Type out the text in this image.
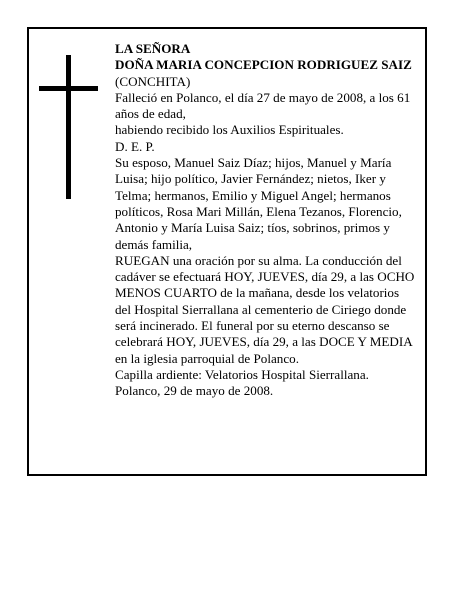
LA SEÑORA

DOÑA MARIA CONCEPCION RODRIGUEZ SAIZ

(CONCHITA)

Falleció en Polanco, el día 27 de mayo de 2008, a los 61 años de edad,

habiendo recibido los Auxilios Espirituales.

D. E. P.

Su esposo, Manuel Saiz Díaz; hijos, Manuel y María Luisa; hijo político, Javier Fernández; nietos, Iker y Telma; hermanos, Emilio y Miguel Angel; hermanos políticos, Rosa Mari Millán, Elena Tezanos, Florencio, Antonio y María Luisa Saiz; tíos, sobrinos, primos y demás familia,

RUEGAN una oración por su alma. La conducción del cadáver se efectuará HOY, JUEVES, día 29, a las OCHO MENOS CUARTO de la mañana, desde los velatorios del Hospital Sierrallana al cementerio de Ciriego donde será incinerado. El funeral por su eterno descanso se celebrará HOY, JUEVES, día 29, a las DOCE Y MEDIA en la iglesia parroquial de Polanco.

Capilla ardiente: Velatorios Hospital Sierrallana.

Polanco, 29 de mayo de 2008.
